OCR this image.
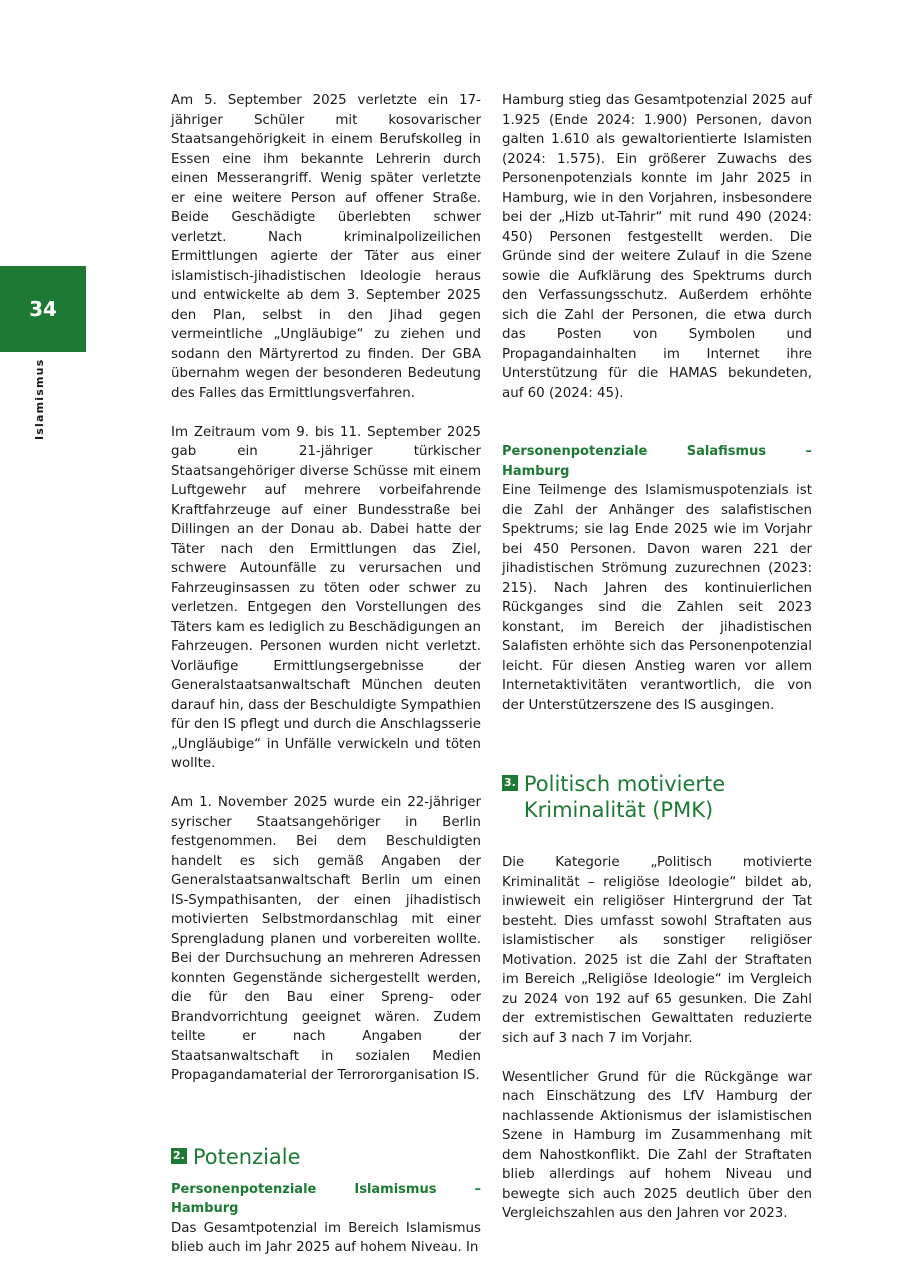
34
Islamismus

Am 5. September 2025 verletzte ein 17-jähriger Schüler mit kosovarischer Staatsangehörigkeit in einem Berufskolleg in Essen eine ihm bekannte Lehrerin durch einen Messerangriff. Wenig später verletzte er eine weitere Person auf offener Straße. Beide Geschädigte überlebten schwer verletzt. Nach kriminalpolizeilichen Ermittlungen agierte der Täter aus einer islamistisch-jihadistischen Ideologie heraus und entwickelte ab dem 3. September 2025 den Plan, selbst in den Jihad gegen vermeintliche „Ungläubige“ zu ziehen und sodann den Märtyrertod zu finden. Der GBA übernahm wegen der besonderen Bedeutung des Falles das Ermittlungsverfahren.

Im Zeitraum vom 9. bis 11. September 2025 gab ein 21-jähriger türkischer Staatsangehöriger diverse Schüsse mit einem Luftgewehr auf mehrere vorbeifahrende Kraftfahrzeuge auf einer Bundesstraße bei Dillingen an der Donau ab. Dabei hatte der Täter nach den Ermittlungen das Ziel, schwere Autounfälle zu verursachen und Fahrzeuginsassen zu töten oder schwer zu verletzen. Entgegen den Vorstellungen des Täters kam es lediglich zu Beschädigungen an Fahrzeugen. Personen wurden nicht verletzt. Vorläufige Ermittlungsergebnisse der Generalstaatsanwaltschaft München deuten darauf hin, dass der Beschuldigte Sympathien für den IS pflegt und durch die Anschlagsserie „Ungläubige“ in Unfälle verwickeln und töten wollte.

Am 1. November 2025 wurde ein 22-jähriger syrischer Staatsangehöriger in Berlin festgenommen. Bei dem Beschuldigten handelt es sich gemäß Angaben der Generalstaatsanwaltschaft Berlin um einen IS-Sympathisanten, der einen jihadistisch motivierten Selbstmordanschlag mit einer Sprengladung planen und vorbereiten wollte. Bei der Durchsuchung an mehreren Adressen konnten Gegenstände sichergestellt werden, die für den Bau einer Spreng- oder Brandvorrichtung geeignet wären. Zudem teilte er nach Angaben der Staatsanwaltschaft in sozialen Medien Propagandamaterial der Terrororganisation IS.

2. Potenziale

Personenpotenziale Islamismus – Hamburg

Das Gesamtpotenzial im Bereich Islamismus blieb auch im Jahr 2025 auf hohem Niveau. In

Hamburg stieg das Gesamtpotenzial 2025 auf 1.925 (Ende 2024: 1.900) Personen, davon galten 1.610 als gewaltorientierte Islamisten (2024: 1.575). Ein größerer Zuwachs des Personenpotenzials konnte im Jahr 2025 in Hamburg, wie in den Vorjahren, insbesondere bei der „Hizb ut-Tahrir“ mit rund 490 (2024: 450) Personen festgestellt werden. Die Gründe sind der weitere Zulauf in die Szene sowie die Aufklärung des Spektrums durch den Verfassungsschutz. Außerdem erhöhte sich die Zahl der Personen, die etwa durch das Posten von Symbolen und Propagandainhalten im Internet ihre Unterstützung für die HAMAS bekundeten, auf 60 (2024: 45).

Personenpotenziale Salafismus – Hamburg

Eine Teilmenge des Islamismuspotenzials ist die Zahl der Anhänger des salafistischen Spektrums; sie lag Ende 2025 wie im Vorjahr bei 450 Personen. Davon waren 221 der jihadistischen Strömung zuzurechnen (2023: 215). Nach Jahren des kontinuierlichen Rückganges sind die Zahlen seit 2023 konstant, im Bereich der jihadistischen Salafisten erhöhte sich das Personenpotenzial leicht. Für diesen Anstieg waren vor allem Internetaktivitäten verantwortlich, die von der Unterstützerszene des IS ausgingen.

3. Politisch motivierte Kriminalität (PMK)

Die Kategorie „Politisch motivierte Kriminalität – religiöse Ideologie“ bildet ab, inwieweit ein religiöser Hintergrund der Tat besteht. Dies umfasst sowohl Straftaten aus islamistischer als sonstiger religiöser Motivation. 2025 ist die Zahl der Straftaten im Bereich „Religiöse Ideologie“ im Vergleich zu 2024 von 192 auf 65 gesunken. Die Zahl der extremistischen Gewalttaten reduzierte sich auf 3 nach 7 im Vorjahr.

Wesentlicher Grund für die Rückgänge war nach Einschätzung des LfV Hamburg der nachlassende Aktionismus der islamistischen Szene in Hamburg im Zusammenhang mit dem Nahostkonflikt. Die Zahl der Straftaten blieb allerdings auf hohem Niveau und bewegte sich auch 2025 deutlich über den Vergleichszahlen aus den Jahren vor 2023.
